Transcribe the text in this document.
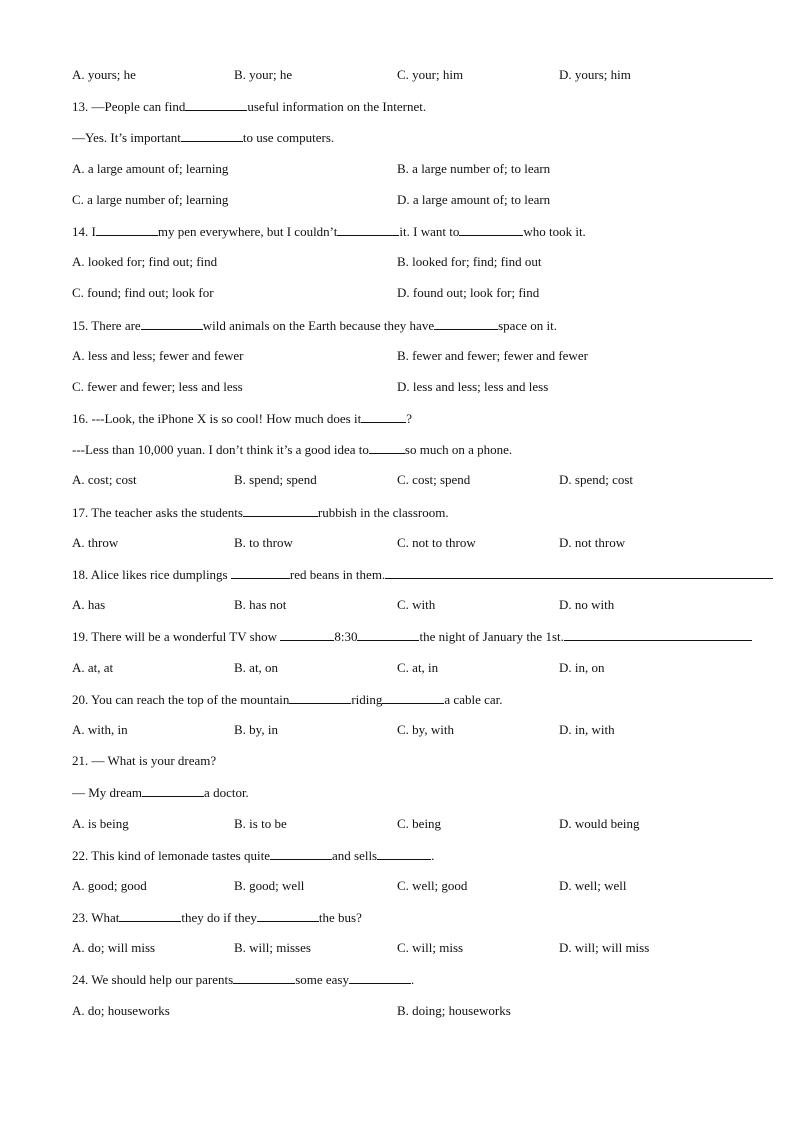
A. yours; he	B. your; he	C. your; him	D. yours; him
13. —People can find	useful information on the Internet.
—Yes. It’s important	to use computers.
A. a large amount of; learning	B. a large number of; to learn
C. a large number of; learning	D. a large amount of; to learn
14. I	my pen everywhere, but I couldn’t	it. I want to	who took it.
A. looked for; find out; find	B. looked for; find; find out
C. found; find out; look for	D. found out; look for; find
15. There are	wild animals on the Earth because they have	space on it.
A. less and less; fewer and fewer	B. fewer and fewer; fewer and fewer
C. fewer and fewer; less and less	D. less and less; less and less
16. ---Look, the iPhone X is so cool! How much does it	?
---Less than 10,000 yuan. I don’t think it’s a good idea to	so much on a phone.
A. cost; cost	B. spend; spend	C. cost; spend	D. spend; cost
17. The teacher asks the students	rubbish in the classroom.
A. throw	B. to throw	C. not to throw	D. not throw
18. Alice likes rice dumplings	red beans in them.
A. has	B. has not	C. with	D. no with
19. There will be a wonderful TV show	8:30	the night of January the 1st.
A. at, at	B. at, on	C. at, in	D. in, on
20. You can reach the top of the mountain	riding	a cable car.
A. with, in	B. by, in	C. by, with	D. in, with
21. — What is your dream?
— My dream	a doctor.
A. is being	B. is to be	C. being	D. would being
22. This kind of lemonade tastes quite	and sells	.
A. good; good	B. good; well	C. well; good	D. well; well
23. What	they do if they	the bus?
A. do; will miss	B. will; misses	C. will; miss	D. will; will miss
24. We should help our parents	some easy	.
A. do; houseworks	B. doing; houseworks
